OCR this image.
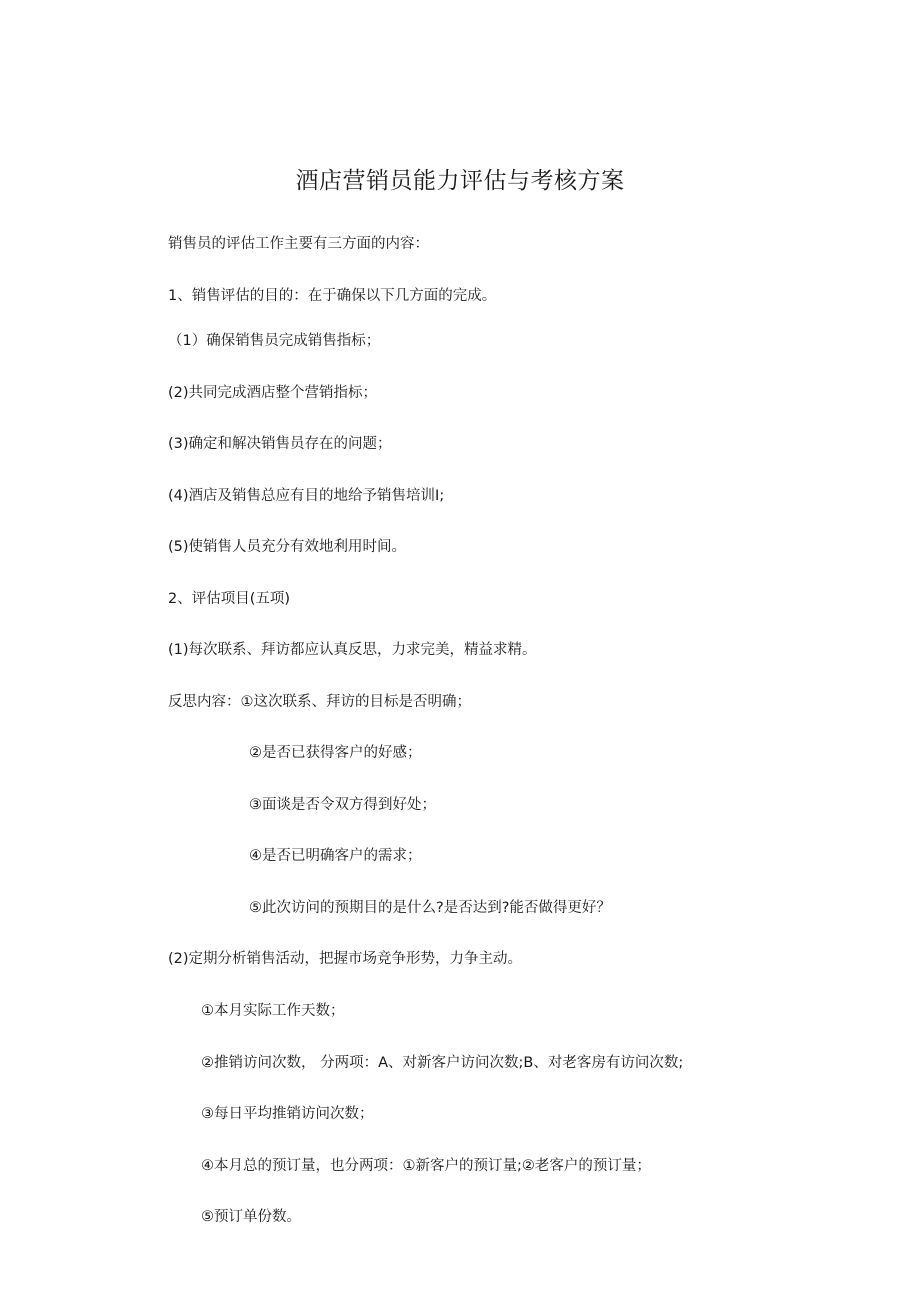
酒店营销员能力评估与考核方案
销售员的评估工作主要有三方面的内容：
1、销售评估的目的：在于确保以下几方面的完成。
（1）确保销售员完成销售指标；
(2)共同完成酒店整个营销指标；
(3)确定和解决销售员存在的问题；
(4)酒店及销售总应有目的地给予销售培训I;
(5)使销售人员充分有效地利用时间。
2、评估项目(五项)
(1)每次联系、拜访都应认真反思，力求完美，精益求精。
反思内容：①这次联系、拜访的目标是否明确；
②是否已获得客户的好感；
③面谈是否令双方得到好处；
④是否已明确客户的需求；
⑤此次访问的预期目的是什么?是否达到?能否做得更好？
(2)定期分析销售活动，把握市场竞争形势，力争主动。
①本月实际工作天数；
②推销访问次数， 分两项：A、对新客户访问次数;B、对老客房有访问次数;
③每日平均推销访问次数；
④本月总的预订量，也分两项：①新客户的预订量;②老客户的预订量；
⑤预订单份数。
